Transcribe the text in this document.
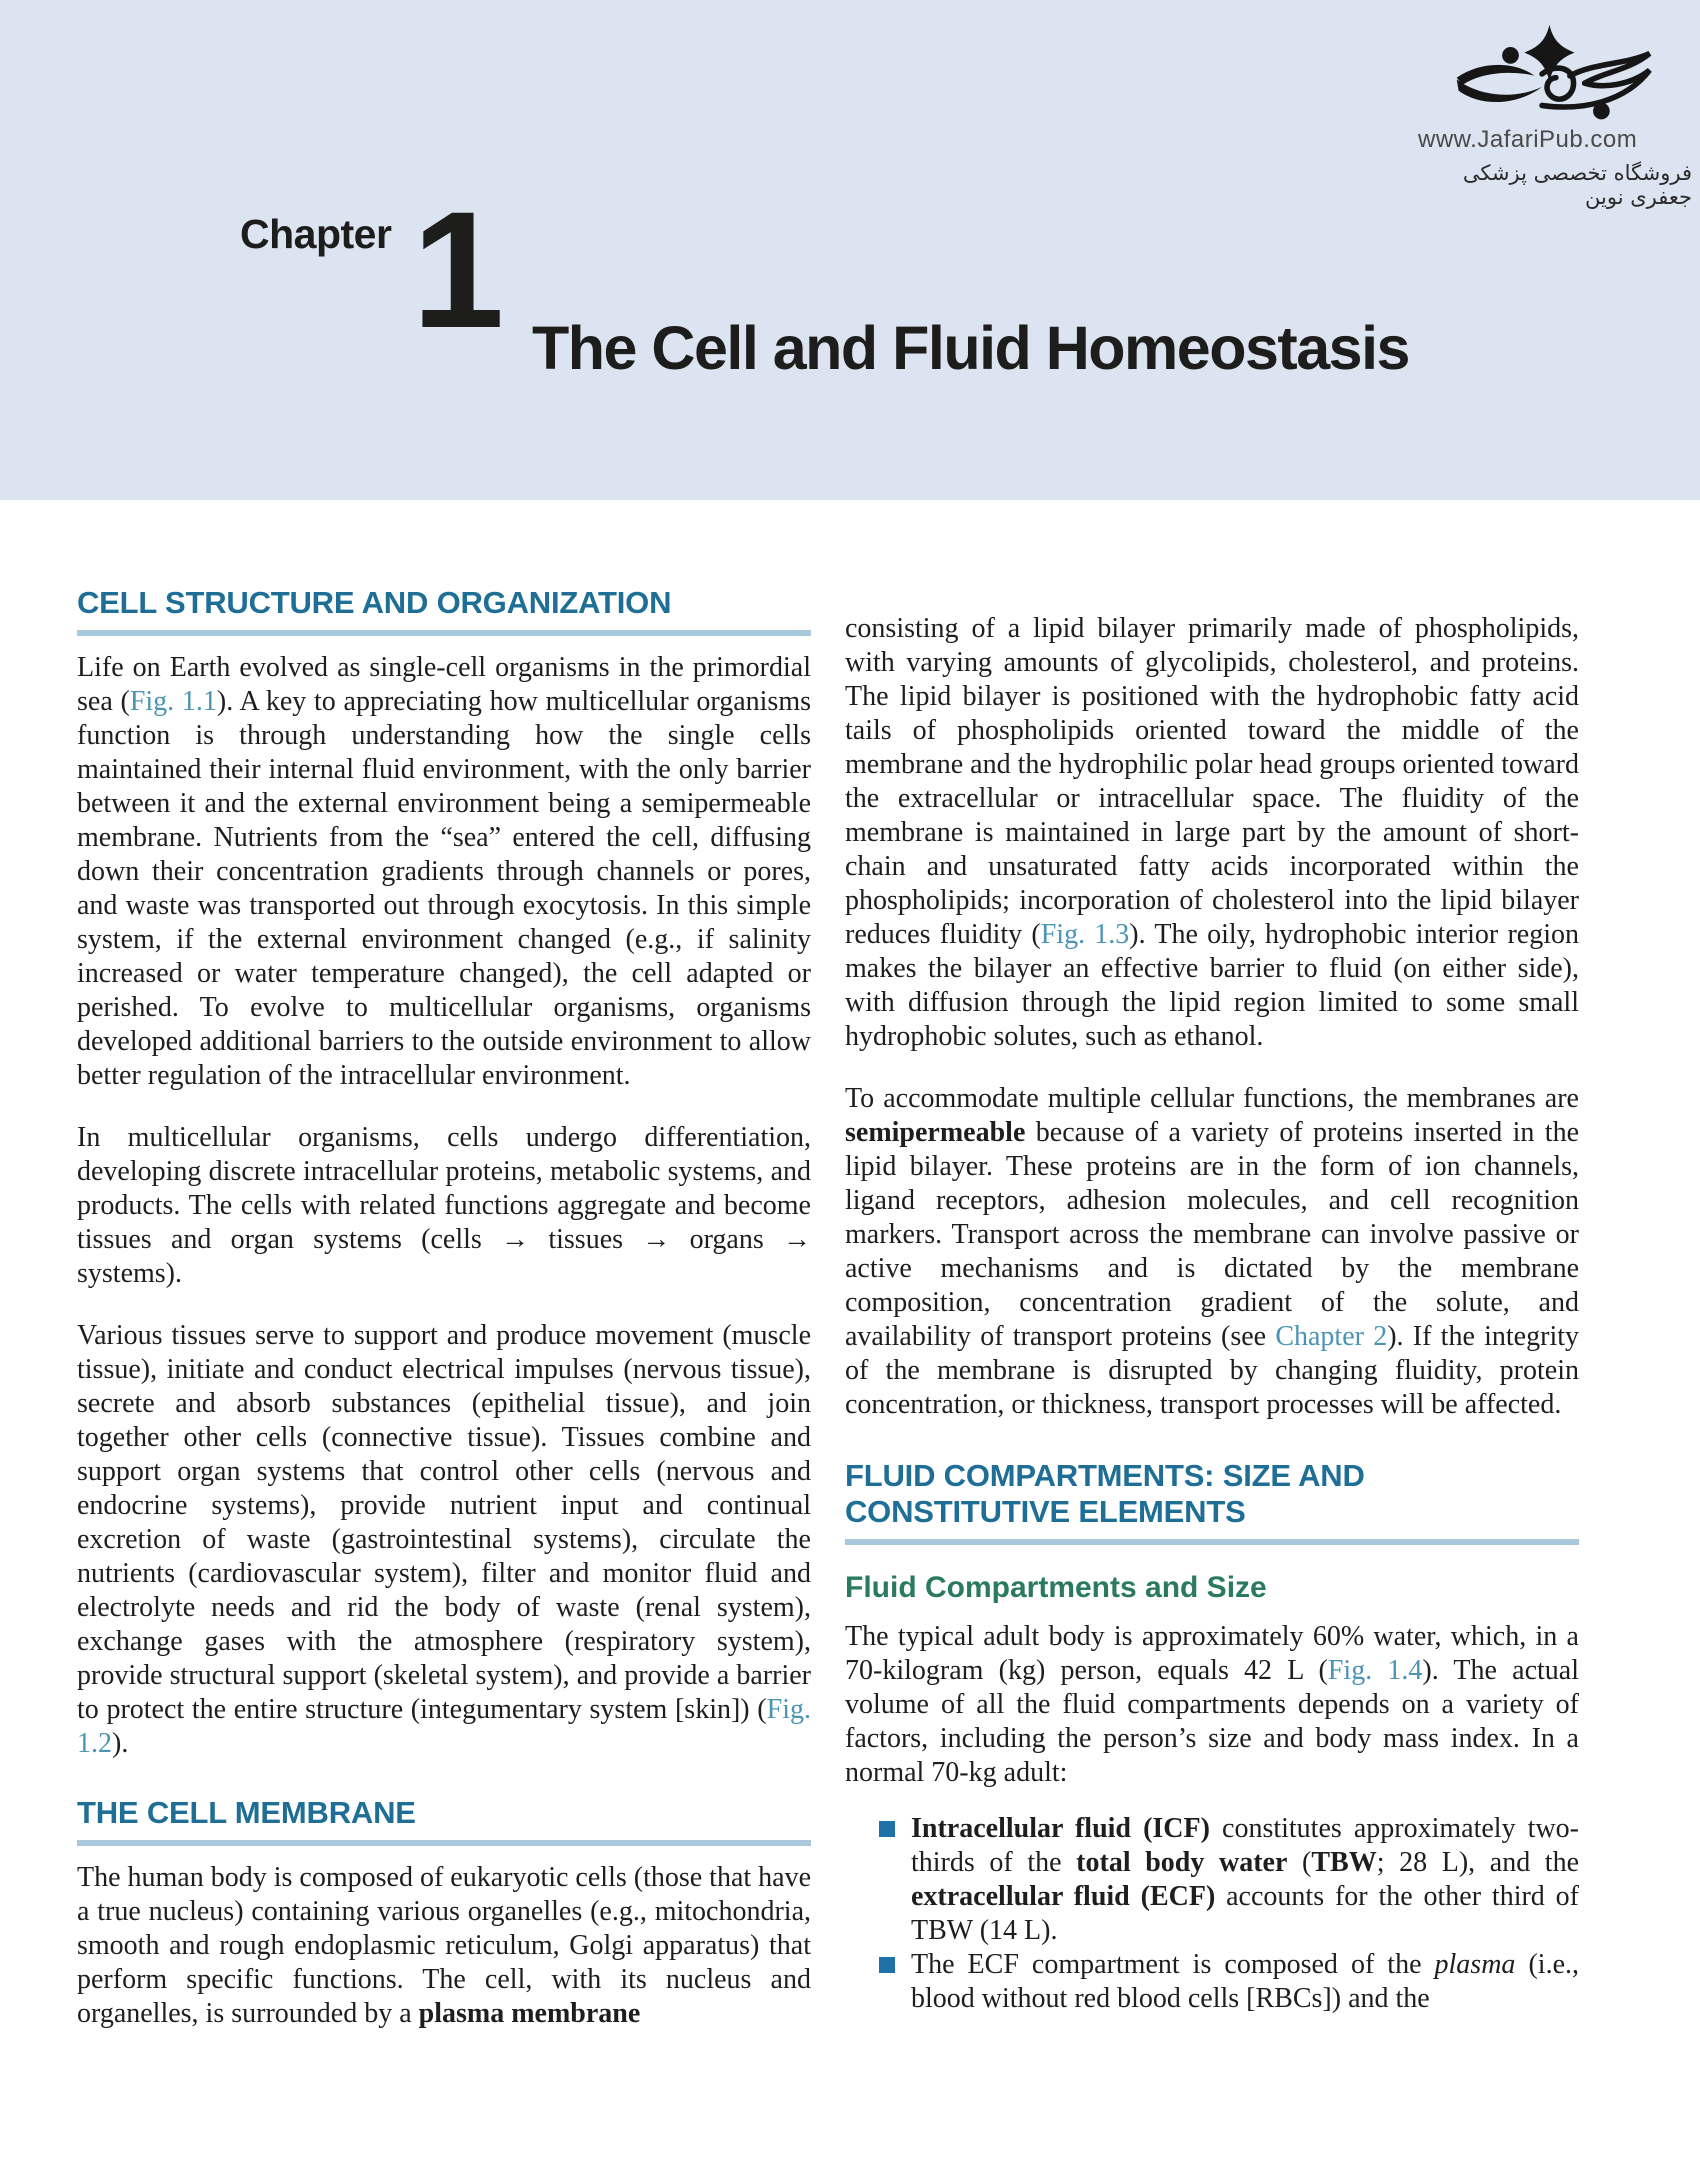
www.JafariPub.com
فروشگاه تخصصی پزشکی جعفری نوین
Chapter 1 The Cell and Fluid Homeostasis
CELL STRUCTURE AND ORGANIZATION

Life on Earth evolved as single-cell organisms in the primordial sea (Fig. 1.1). A key to appreciating how multicellular organisms function is through understanding how the single cells maintained their internal fluid environment, with the only barrier between it and the external environment being a semipermeable membrane. Nutrients from the “sea” entered the cell, diffusing down their concentration gradients through channels or pores, and waste was transported out through exocytosis. In this simple system, if the external environment changed (e.g., if salinity increased or water temperature changed), the cell adapted or perished. To evolve to multicellular organisms, organisms developed additional barriers to the outside environment to allow better regulation of the intracellular environment.

In multicellular organisms, cells undergo differentiation, developing discrete intracellular proteins, metabolic systems, and products. The cells with related functions aggregate and become tissues and organ systems (cells → tissues → organs → systems).

Various tissues serve to support and produce movement (muscle tissue), initiate and conduct electrical impulses (nervous tissue), secrete and absorb substances (epithelial tissue), and join together other cells (connective tissue). Tissues combine and support organ systems that control other cells (nervous and endocrine systems), provide nutrient input and continual excretion of waste (gastrointestinal systems), circulate the nutrients (cardiovascular system), filter and monitor fluid and electrolyte needs and rid the body of waste (renal system), exchange gases with the atmosphere (respiratory system), provide structural support (skeletal system), and provide a barrier to protect the entire structure (integumentary system [skin]) (Fig. 1.2).

THE CELL MEMBRANE

The human body is composed of eukaryotic cells (those that have a true nucleus) containing various organelles (e.g., mitochondria, smooth and rough endoplasmic reticulum, Golgi apparatus) that perform specific functions. The cell, with its nucleus and organelles, is surrounded by a plasma membrane

consisting of a lipid bilayer primarily made of phospholipids, with varying amounts of glycolipids, cholesterol, and proteins. The lipid bilayer is positioned with the hydrophobic fatty acid tails of phospholipids oriented toward the middle of the membrane and the hydrophilic polar head groups oriented toward the extracellular or intracellular space. The fluidity of the membrane is maintained in large part by the amount of short-chain and unsaturated fatty acids incorporated within the phospholipids; incorporation of cholesterol into the lipid bilayer reduces fluidity (Fig. 1.3). The oily, hydrophobic interior region makes the bilayer an effective barrier to fluid (on either side), with diffusion through the lipid region limited to some small hydrophobic solutes, such as ethanol.

To accommodate multiple cellular functions, the membranes are semipermeable because of a variety of proteins inserted in the lipid bilayer. These proteins are in the form of ion channels, ligand receptors, adhesion molecules, and cell recognition markers. Transport across the membrane can involve passive or active mechanisms and is dictated by the membrane composition, concentration gradient of the solute, and availability of transport proteins (see Chapter 2). If the integrity of the membrane is disrupted by changing fluidity, protein concentration, or thickness, transport processes will be affected.

FLUID COMPARTMENTS: SIZE AND CONSTITUTIVE ELEMENTS
Fluid Compartments and Size

The typical adult body is approximately 60% water, which, in a 70-kilogram (kg) person, equals 42 L (Fig. 1.4). The actual volume of all the fluid compartments depends on a variety of factors, including the person’s size and body mass index. In a normal 70-kg adult:

Intracellular fluid (ICF) constitutes approximately two-thirds of the total body water (TBW; 28 L), and the extracellular fluid (ECF) accounts for the other third of TBW (14 L).
The ECF compartment is composed of the plasma (i.e., blood without red blood cells [RBCs]) and the
